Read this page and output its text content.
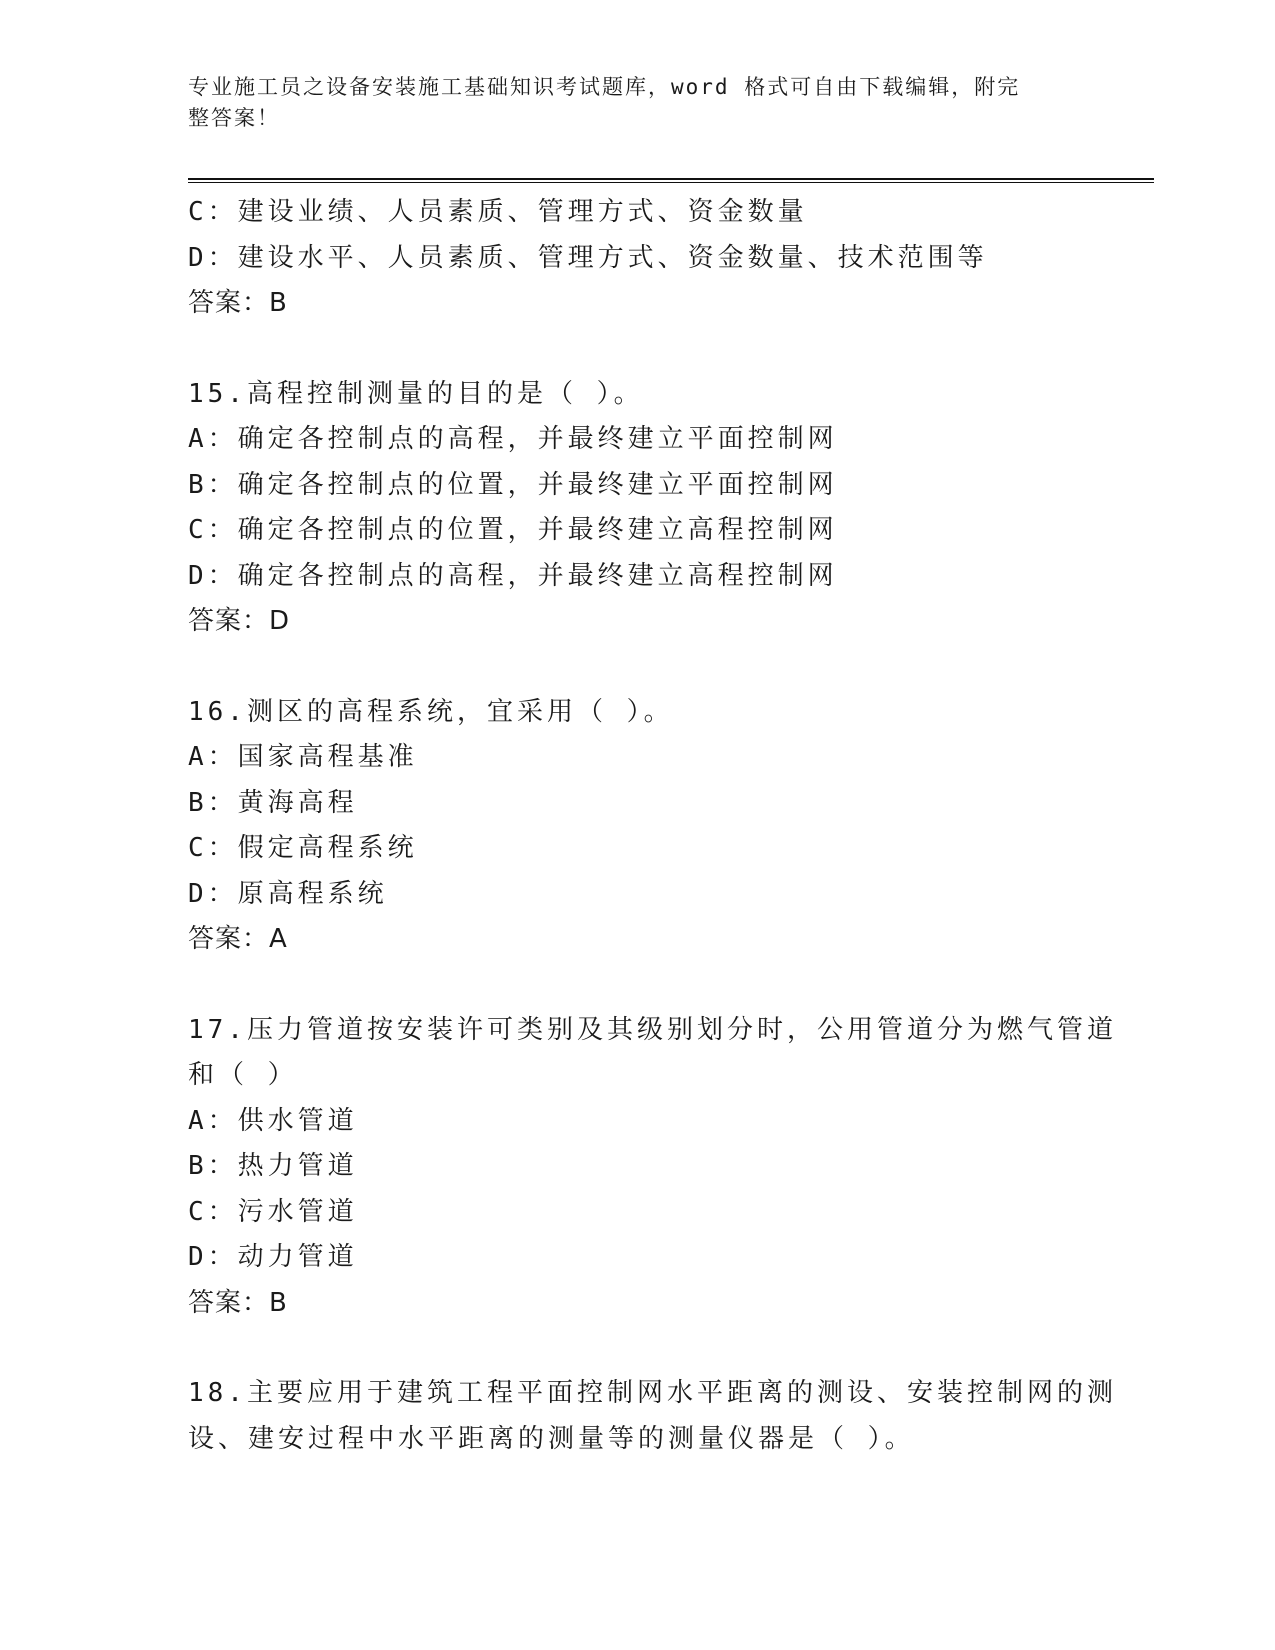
专业施工员之设备安装施工基础知识考试题库，word 格式可自由下载编辑，附完
整答案！
C：建设业绩、人员素质、管理方式、资金数量
D：建设水平、人员素质、管理方式、资金数量、技术范围等
答案：B
15.高程控制测量的目的是（ ）。
A：确定各控制点的高程，并最终建立平面控制网
B：确定各控制点的位置，并最终建立平面控制网
C：确定各控制点的位置，并最终建立高程控制网
D：确定各控制点的高程，并最终建立高程控制网
答案：D
16.测区的高程系统，宜采用（ ）。
A：国家高程基准
B：黄海高程
C：假定高程系统
D：原高程系统
答案：A
17.压力管道按安装许可类别及其级别划分时，公用管道分为燃气管道
和（ ）
A：供水管道
B：热力管道
C：污水管道
D：动力管道
答案：B
18.主要应用于建筑工程平面控制网水平距离的测设、安装控制网的测
设、建安过程中水平距离的测量等的测量仪器是（ ）。
